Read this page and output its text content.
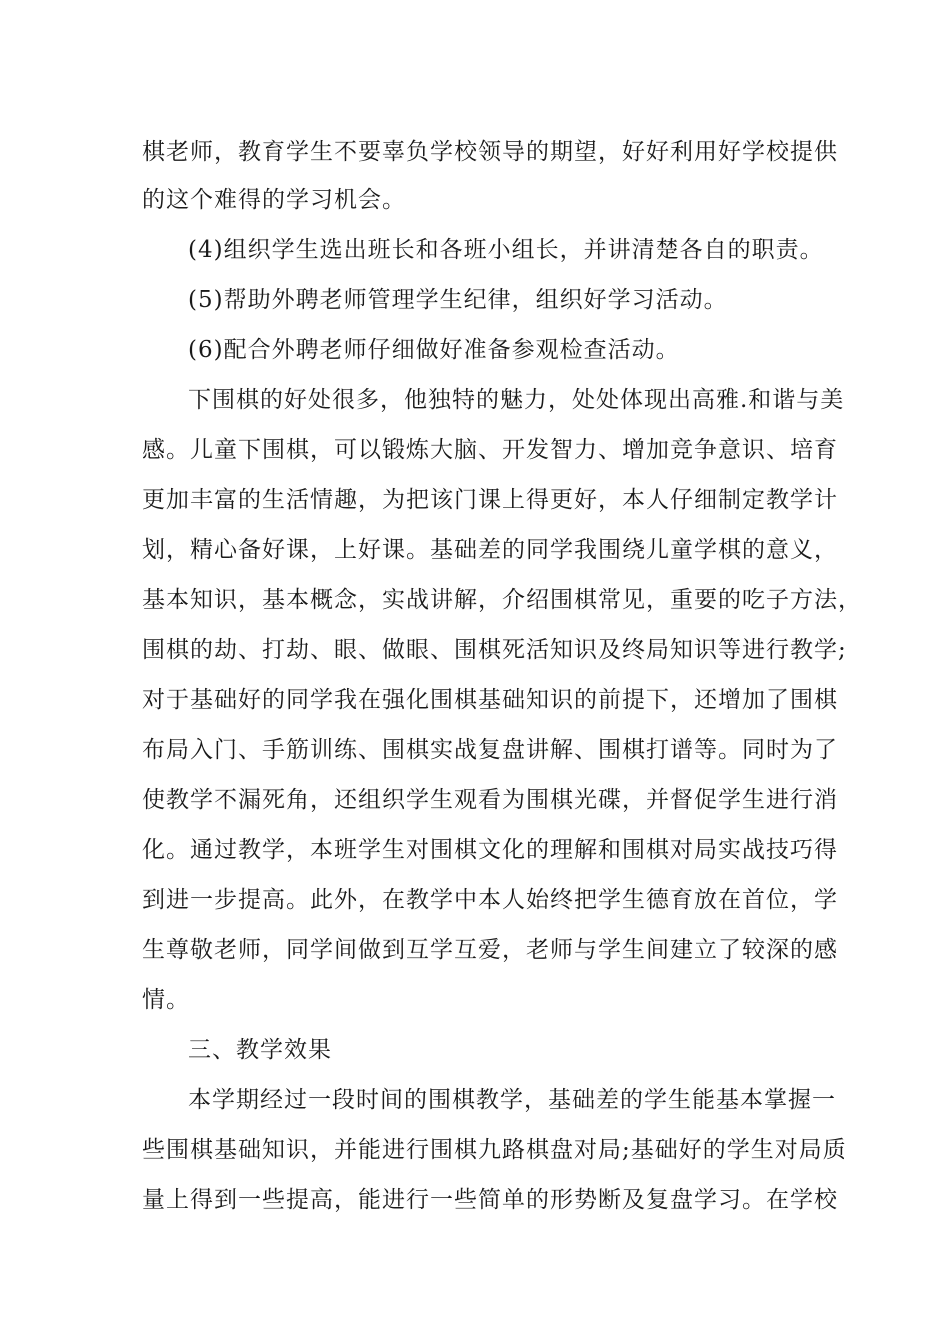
棋老师，教育学生不要辜负学校领导的期望，好好利用好学校提供
的这个难得的学习机会。
(4)组织学生选出班长和各班小组长，并讲清楚各自的职责。
(5)帮助外聘老师管理学生纪律，组织好学习活动。
(6)配合外聘老师仔细做好准备参观检查活动。
下围棋的好处很多，他独特的魅力，处处体现出高雅.和谐与美
感。儿童下围棋，可以锻炼大脑、开发智力、增加竞争意识、培育
更加丰富的生活情趣，为把该门课上得更好，本人仔细制定教学计
划，精心备好课，上好课。基础差的同学我围绕儿童学棋的意义，
基本知识，基本概念，实战讲解，介绍围棋常见，重要的吃子方法，
围棋的劫、打劫、眼、做眼、围棋死活知识及终局知识等进行教学;
对于基础好的同学我在强化围棋基础知识的前提下，还增加了围棋
布局入门、手筋训练、围棋实战复盘讲解、围棋打谱等。同时为了
使教学不漏死角，还组织学生观看为围棋光碟，并督促学生进行消
化。通过教学，本班学生对围棋文化的理解和围棋对局实战技巧得
到进一步提高。此外，在教学中本人始终把学生德育放在首位，学
生尊敬老师，同学间做到互学互爱，老师与学生间建立了较深的感
情。
三、教学效果
本学期经过一段时间的围棋教学，基础差的学生能基本掌握一
些围棋基础知识，并能进行围棋九路棋盘对局;基础好的学生对局质
量上得到一些提高，能进行一些简单的形势断及复盘学习。在学校
